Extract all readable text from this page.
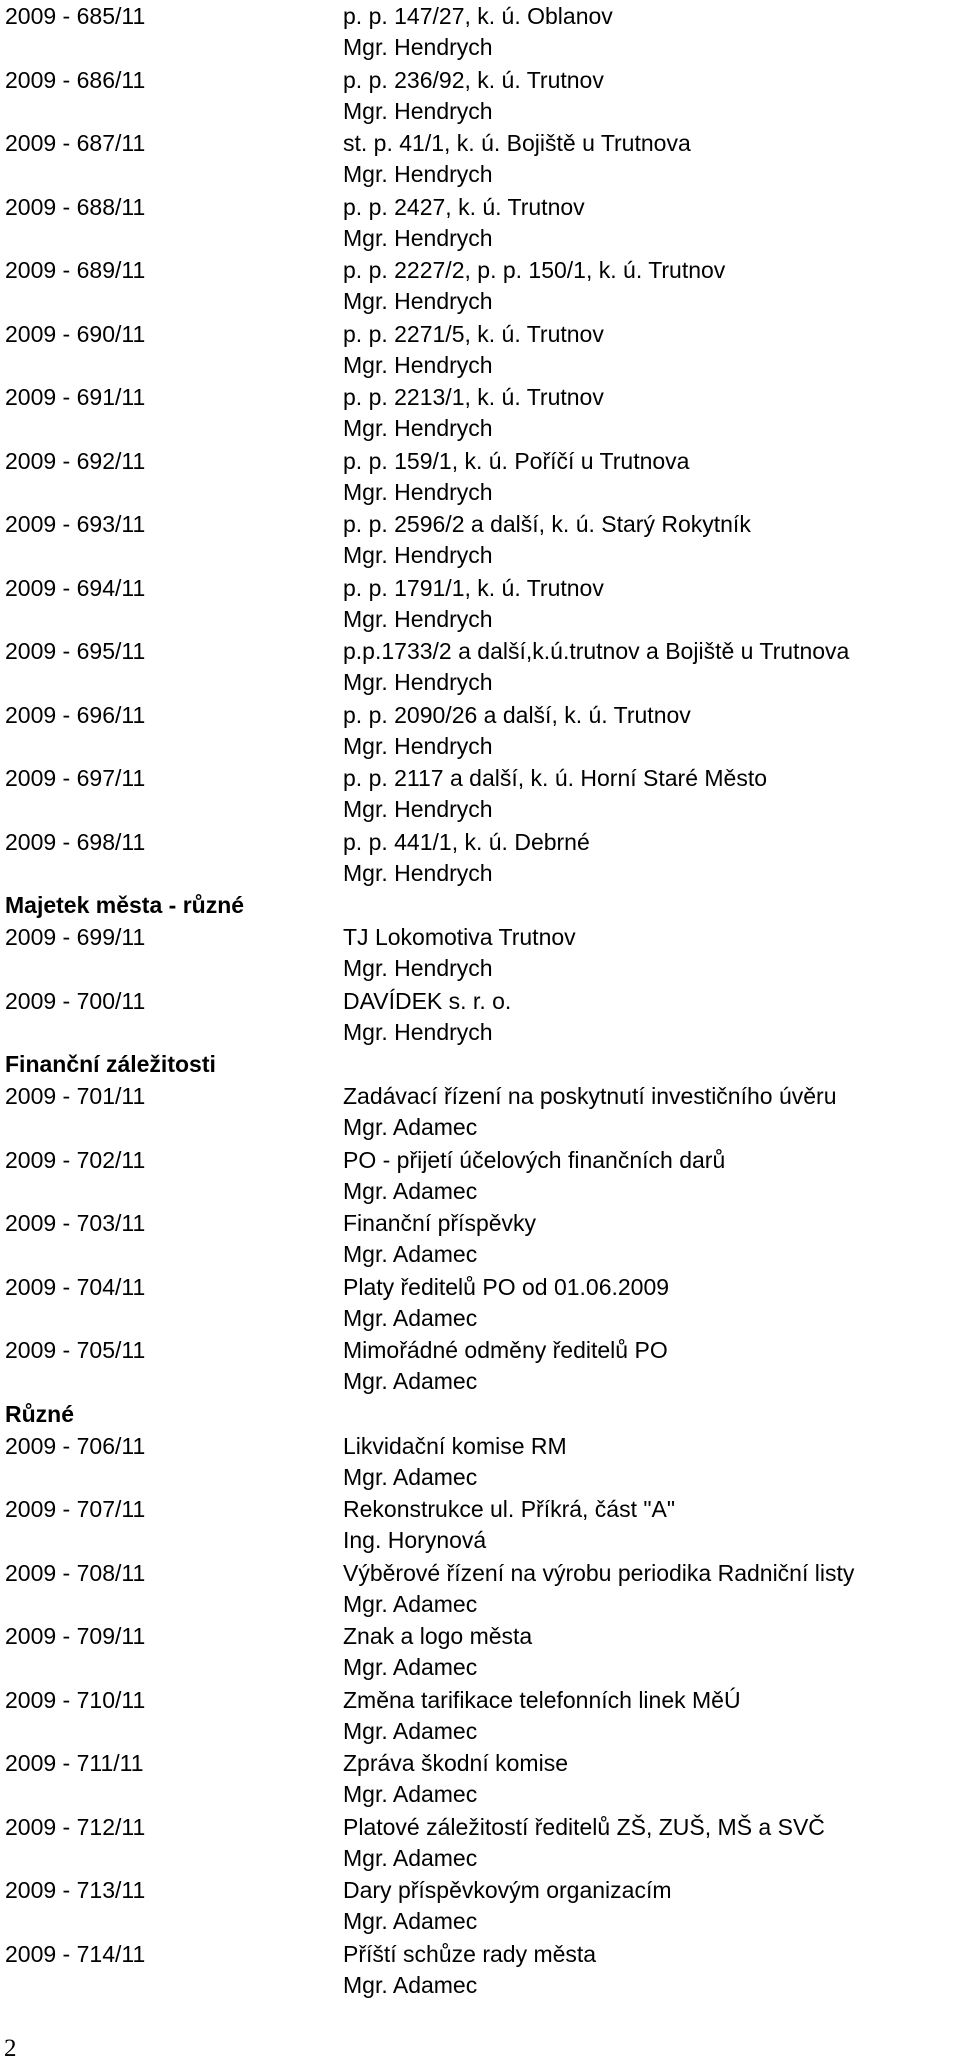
2009 - 685/11	p. p. 147/27, k. ú. Oblanov
Mgr. Hendrych
2009 - 686/11	p. p. 236/92, k. ú. Trutnov
Mgr. Hendrych
2009 - 687/11	st. p. 41/1, k. ú. Bojiště u Trutnova
Mgr. Hendrych
2009 - 688/11	p. p. 2427, k. ú. Trutnov
Mgr. Hendrych
2009 - 689/11	p. p. 2227/2, p. p. 150/1, k. ú. Trutnov
Mgr. Hendrych
2009 - 690/11	p. p. 2271/5, k. ú. Trutnov
Mgr. Hendrych
2009 - 691/11	p. p. 2213/1, k. ú. Trutnov
Mgr. Hendrych
2009 - 692/11	p. p. 159/1, k. ú. Poříčí u Trutnova
Mgr. Hendrych
2009 - 693/11	p. p. 2596/2 a další, k. ú. Starý Rokytník
Mgr. Hendrych
2009 - 694/11	p. p. 1791/1, k. ú. Trutnov
Mgr. Hendrych
2009 - 695/11	p.p.1733/2 a další,k.ú.trutnov a Bojiště u Trutnova
Mgr. Hendrych
2009 - 696/11	p. p. 2090/26 a další, k. ú. Trutnov
Mgr. Hendrych
2009 - 697/11	p. p. 2117 a další, k. ú. Horní Staré Město
Mgr. Hendrych
2009 - 698/11	p. p. 441/1, k. ú. Debrné
Mgr. Hendrych
Majetek města - různé
2009 - 699/11	TJ Lokomotiva Trutnov
Mgr. Hendrych
2009 - 700/11	DAVÍDEK s. r. o.
Mgr. Hendrych
Finanční záležitosti
2009 - 701/11	Zadávací řízení na poskytnutí investičního úvěru
Mgr. Adamec
2009 - 702/11	PO - přijetí účelových finančních darů
Mgr. Adamec
2009 - 703/11	Finanční příspěvky
Mgr. Adamec
2009 - 704/11	Platy ředitelů PO od 01.06.2009
Mgr. Adamec
2009 - 705/11	Mimořádné odměny ředitelů PO
Mgr. Adamec
Různé
2009 - 706/11	Likvidační komise RM
Mgr. Adamec
2009 - 707/11	Rekonstrukce ul. Příkrá, část "A"
Ing. Horynová
2009 - 708/11	Výběrové řízení na výrobu periodika Radniční listy
Mgr. Adamec
2009 - 709/11	Znak a logo města
Mgr. Adamec
2009 - 710/11	Změna tarifikace telefonních linek MěÚ
Mgr. Adamec
2009 - 711/11	Zpráva škodní komise
Mgr. Adamec
2009 - 712/11	Platové záležitostí ředitelů ZŠ, ZUŠ, MŠ a SVČ
Mgr. Adamec
2009 - 713/11	Dary příspěvkovým organizacím
Mgr. Adamec
2009 - 714/11	Příští schůze rady města
Mgr. Adamec
2
